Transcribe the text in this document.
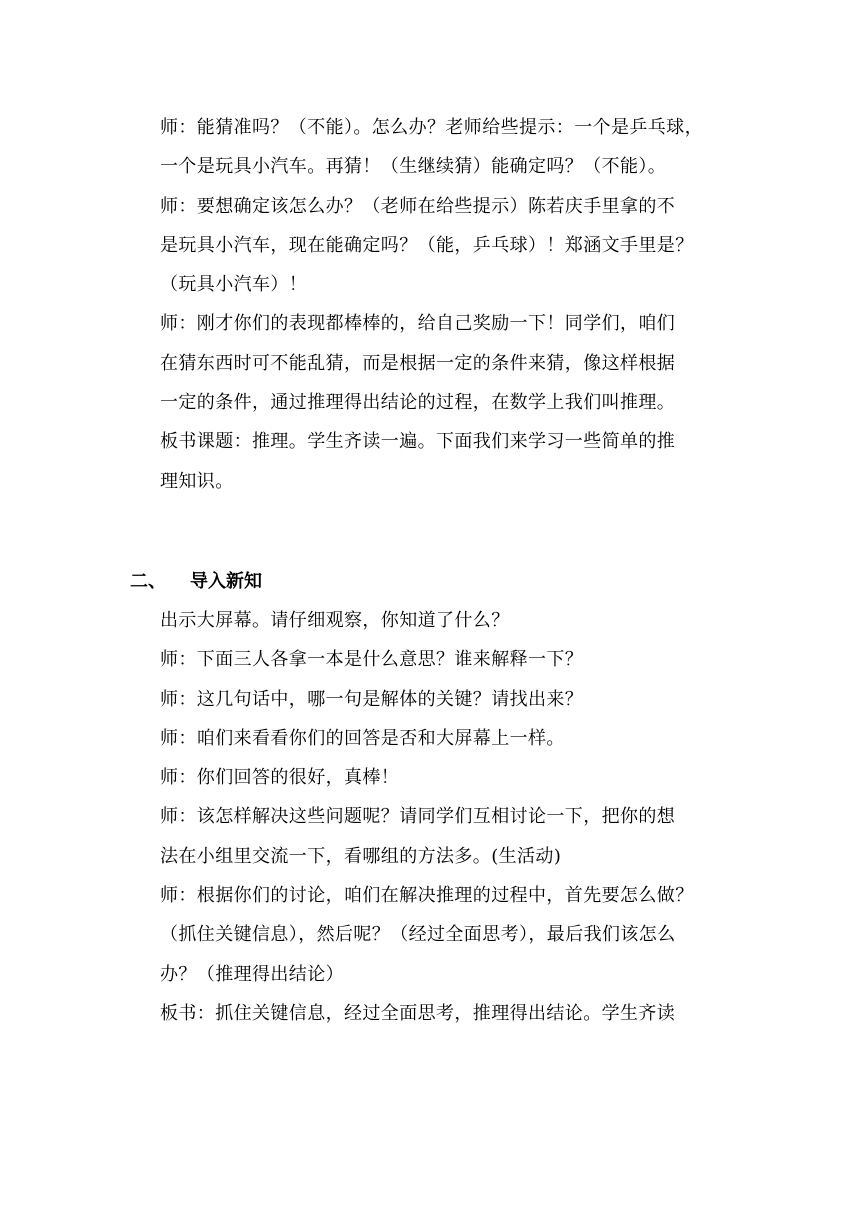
师：能猜准吗？（不能）。怎么办？老师给些提示：一个是乒乓球，

一个是玩具小汽车。再猜！（生继续猜）能确定吗？（不能）。

师：要想确定该怎么办？（老师在给些提示）陈若庆手里拿的不

是玩具小汽车，现在能确定吗？（能，乒乓球）！郑涵文手里是？

（玩具小汽车）！

师：刚才你们的表现都棒棒的，给自己奖励一下！同学们，咱们

在猜东西时可不能乱猜，而是根据一定的条件来猜，像这样根据

一定的条件，通过推理得出结论的过程，在数学上我们叫推理。

板书课题：推理。学生齐读一遍。下面我们来学习一些简单的推

理知识。

二、 导入新知

出示大屏幕。请仔细观察，你知道了什么？

师：下面三人各拿一本是什么意思？谁来解释一下？

师：这几句话中，哪一句是解体的关键？请找出来？

师：咱们来看看你们的回答是否和大屏幕上一样。

师：你们回答的很好，真棒！

师：该怎样解决这些问题呢？请同学们互相讨论一下，把你的想

法在小组里交流一下，看哪组的方法多。(生活动)

师：根据你们的讨论，咱们在解决推理的过程中，首先要怎么做？

（抓住关键信息），然后呢？（经过全面思考），最后我们该怎么

办？（推理得出结论）

板书：抓住关键信息，经过全面思考，推理得出结论。学生齐读
